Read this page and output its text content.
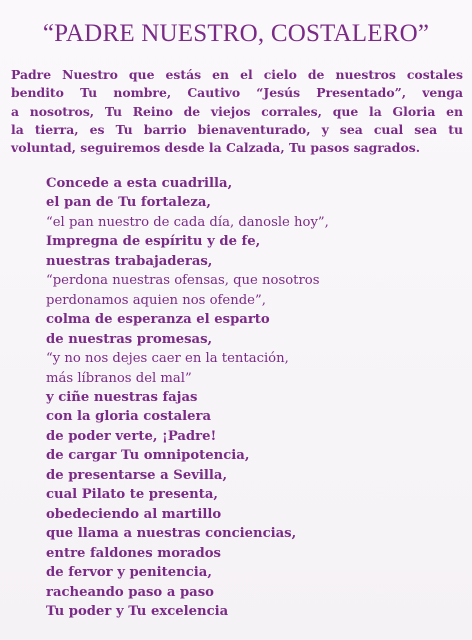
“PADRE NUESTRO, COSTALERO”
Padre Nuestro que estás en el cielo de nuestros costales
bendito Tu nombre, Cautivo “Jesús Presentado”, venga
a nosotros, Tu Reino de viejos corrales, que la Gloria en
la tierra, es Tu barrio bienaventurado, y sea cual sea tu
voluntad, seguiremos desde la Calzada, Tu pasos sagrados.
Concede a esta cuadrilla,
el pan de Tu fortaleza,
“el pan nuestro de cada día, danosle hoy”,
Impregna de espíritu y de fe,
nuestras trabajaderas,
“perdona nuestras ofensas, que nosotros
perdonamos aquien nos ofende”,
colma de esperanza el esparto
de nuestras promesas,
“y no nos dejes caer en la tentación,
más líbranos del mal”
y ciñe nuestras fajas
con la gloria costalera
de poder verte, ¡Padre!
de cargar Tu omnipotencia,
de presentarse a Sevilla,
cual Pilato te presenta,
obedeciendo al martillo
que llama a nuestras conciencias,
entre faldones morados
de fervor y penitencia,
racheando paso a paso
Tu poder y Tu excelencia
